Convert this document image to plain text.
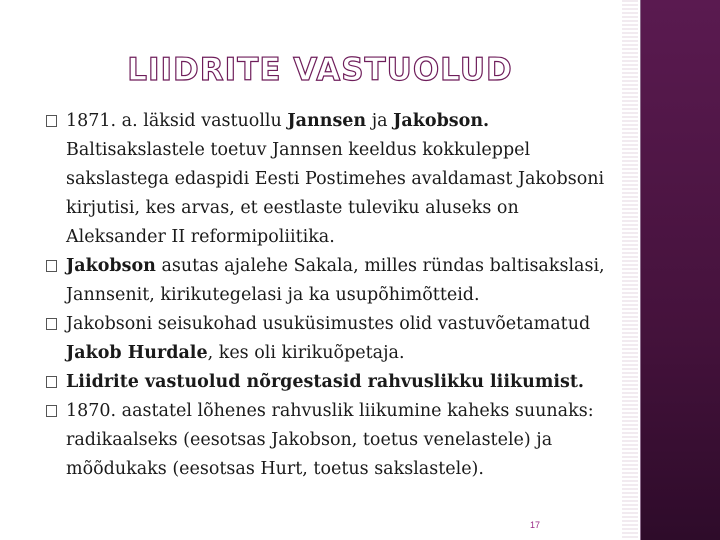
LIIDRITE VASTUOLUD
1871. a. läksid vastuollu Jannsen ja Jakobson. Baltisakslastele toetuv Jannsen keeldus kokkuleppel sakslastega edaspidi Eesti Postimehes avaldamast Jakobsoni kirjutisi, kes arvas, et eestlaste tuleviku aluseks on Aleksander II reformipoliitika.
Jakobson asutas ajalehe Sakala, milles ründas baltisakslasi, Jannsenit, kirikutegelasi ja ka usupõhimõtteid.
Jakobsoni seisukohad usuküsimustes olid vastuvõetamatud Jakob Hurdale, kes oli kirikuõpetaja.
Liidrite vastuolud nõrgestasid rahvuslikku liikumist.
1870. aastatel lõhenes rahvuslik liikumine kaheks suunaks: radikaalseks (eesotsas Jakobson, toetus venelastele) ja mõõdukaks (eesotsas Hurt, toetus sakslastele).
17
